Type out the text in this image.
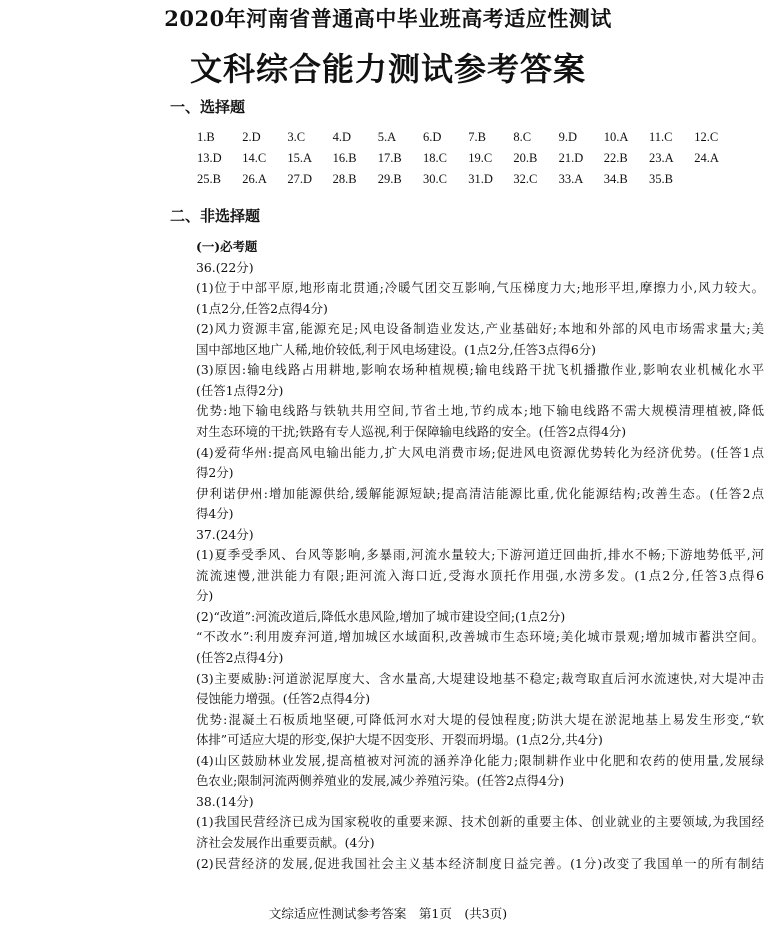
2020年河南省普通高中毕业班高考适应性测试
文科综合能力测试参考答案
一、选择题
1.B	2.D	3.C	4.D	5.A	6.D	7.B	8.C	9.D	10.A	11.C	12.C
13.D	14.C	15.A	16.B	17.B	18.C	19.C	20.B	21.D	22.B	23.A	24.A
25.B	26.A	27.D	28.B	29.B	30.C	31.D	32.C	33.A	34.B	35.B
二、非选择题
(一)必考题
36.(22分)
(1)位于中部平原,地形南北贯通;冷暖气团交互影响,气压梯度力大;地形平坦,摩擦力小,风力较大。
(1点2分,任答2点得4分)
(2)风力资源丰富,能源充足;风电设备制造业发达,产业基础好;本地和外部的风电市场需求量大;美
国中部地区地广人稀,地价较低,利于风电场建设。(1点2分,任答3点得6分)
(3)原因:输电线路占用耕地,影响农场种植规模;输电线路干扰飞机播撒作业,影响农业机械化水平
(任答1点得2分)
优势:地下输电线路与铁轨共用空间,节省土地,节约成本;地下输电线路不需大规模清理植被,降低
对生态环境的干扰;铁路有专人巡视,利于保障输电线路的安全。(任答2点得4分)
(4)爱荷华州:提高风电输出能力,扩大风电消费市场;促进风电资源优势转化为经济优势。(任答1点
得2分)
伊利诺伊州:增加能源供给,缓解能源短缺;提高清洁能源比重,优化能源结构;改善生态。(任答2点
得4分)
37.(24分)
(1)夏季受季风、台风等影响,多暴雨,河流水量较大;下游河道迂回曲折,排水不畅;下游地势低平,河
流流速慢,泄洪能力有限;距河流入海口近,受海水顶托作用强,水涝多发。(1点2分,任答3点得6
分)
(2)“改道”:河流改道后,降低水患风险,增加了城市建设空间;(1点2分)
“不改水”:利用废弃河道,增加城区水域面积,改善城市生态环境;美化城市景观;增加城市蓄洪空间。
(任答2点得4分)
(3)主要威胁:河道淤泥厚度大、含水量高,大堤建设地基不稳定;裁弯取直后河水流速快,对大堤冲击
侵蚀能力增强。(任答2点得4分)
优势:混凝土石板质地坚硬,可降低河水对大堤的侵蚀程度;防洪大堤在淤泥地基上易发生形变,“软
体排”可适应大堤的形变,保护大堤不因变形、开裂而坍塌。(1点2分,共4分)
(4)山区鼓励林业发展,提高植被对河流的涵养净化能力;限制耕作业中化肥和农药的使用量,发展绿
色农业;限制河流两侧养殖业的发展,减少养殖污染。(任答2点得4分)
38.(14分)
(1)我国民营经济已成为国家税收的重要来源、技术创新的重要主体、创业就业的主要领域,为我国经
济社会发展作出重要贡献。(4分)
(2)民营经济的发展,促进我国社会主义基本经济制度日益完善。(1分)改变了我国单一的所有制结
文综适应性测试参考答案　第1页　(共3页)
